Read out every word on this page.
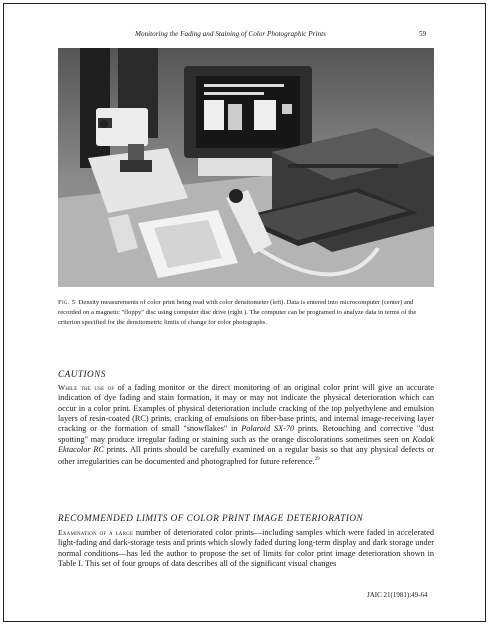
Monitoring the Fading and Staining of Color Photographic Prints	59
Fig. 5 Density measurements of color print being read with color densitometer (left). Data is entered into microcomputer (center) and recorded on a magnetic "floppy" disc using computer disc drive (right ). The computer can be programed to analyze data in terms of the criterion specified for the densitometric limits of change for color photographs.
CAUTIONS
While the use of of a fading monitor or the direct monitoring of an original color print will give an accurate indication of dye fading and stain formation, it may or may not indicate the physical deterioration which can occur in a color print. Examples of physical deterioration include cracking of the top polyethylene and emulsion layers of resin-coated (RC) prints, cracking of emulsions on fiber-base prints, and internal image-receiving layer cracking or the formation of small "snowflakes" in Polaroid SX-70 prints. Retouching and corrective "dust spotting" may produce irregular fading or staining such as the orange discolorations sometimes seen on Kodak Ektacolor RC prints. All prints should be carefully examined on a regular basis so that any physical defects or other irregularities can be documented and photographed for future reference.$^{29}$
RECOMMENDED LIMITS OF COLOR PRINT IMAGE DETERIORATION
Examination of a large number of deteriorated color prints—including samples which were faded in accelerated light-fading and dark-storage tests and prints which slowly faded during long-term display and dark storage under normal conditions—has led the author to propose the set of limits for color print image deterioration shown in Table I. This set of four groups of data describes all of the significant visual changes
JAIC 21(1981):49-64
